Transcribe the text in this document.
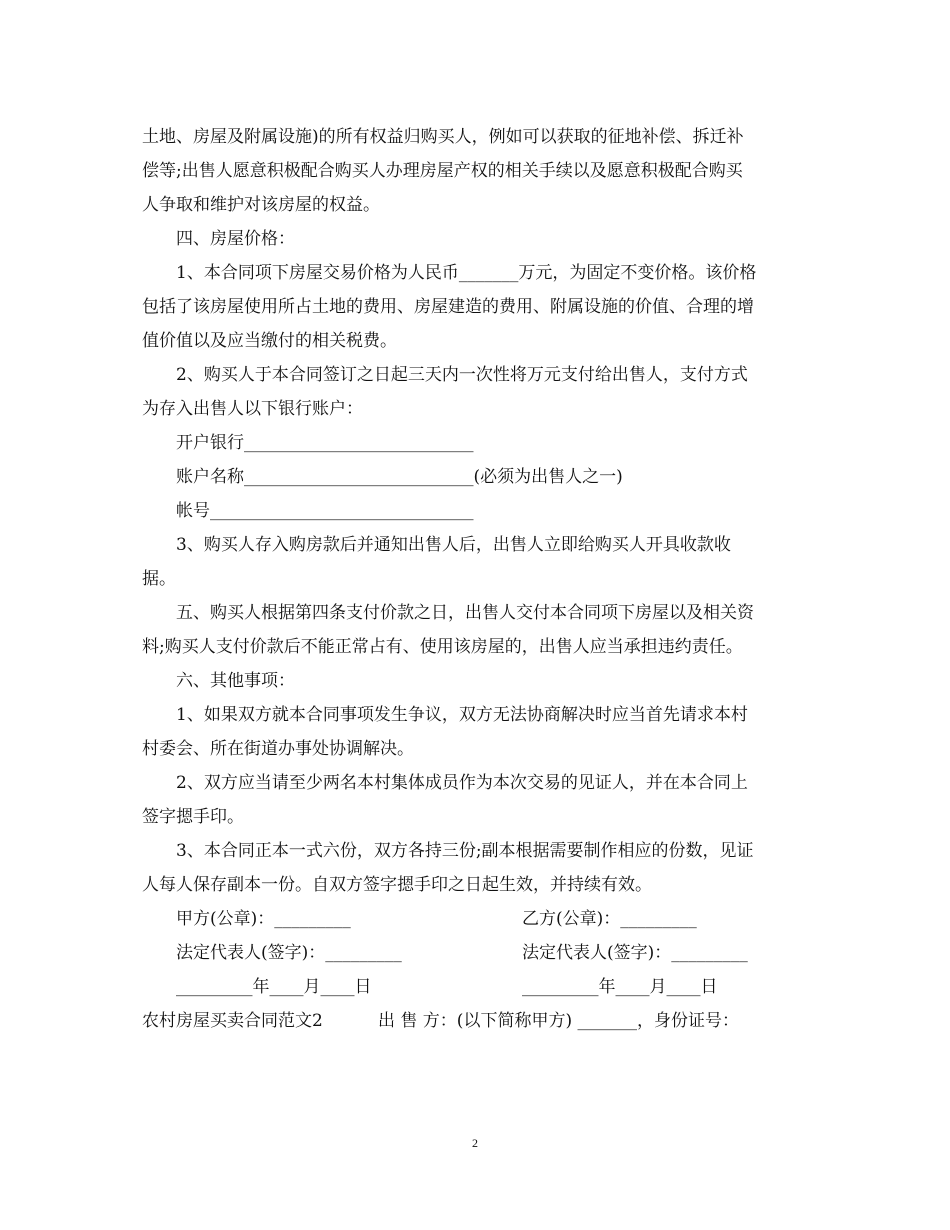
土地、房屋及附属设施)的所有权益归购买人，例如可以获取的征地补偿、拆迁补
偿等;出售人愿意积极配合购买人办理房屋产权的相关手续以及愿意积极配合购买
人争取和维护对该房屋的权益。
四、房屋价格：
1、本合同项下房屋交易价格为人民币_______万元，为固定不变价格。该价格
包括了该房屋使用所占土地的费用、房屋建造的费用、附属设施的价值、合理的增
值价值以及应当缴付的相关税费。
2、购买人于本合同签订之日起三天内一次性将万元支付给出售人，支付方式
为存入出售人以下银行账户：
开户银行___________________________
账户名称___________________________(必须为出售人之一)
帐号_______________________________
3、购买人存入购房款后并通知出售人后，出售人立即给购买人开具收款收
据。
五、购买人根据第四条支付价款之日，出售人交付本合同项下房屋以及相关资
料;购买人支付价款后不能正常占有、使用该房屋的，出售人应当承担违约责任。
六、其他事项：
1、如果双方就本合同事项发生争议，双方无法协商解决时应当首先请求本村
村委会、所在街道办事处协调解决。
2、双方应当请至少两名本村集体成员作为本次交易的见证人，并在本合同上
签字摁手印。
3、本合同正本一式六份，双方各持三份;副本根据需要制作相应的份数，见证
人每人保存副本一份。自双方签字摁手印之日起生效，并持续有效。
甲方(公章)：_________	乙方(公章)：_________
法定代表人(签字)：_________	法定代表人(签字)：_________
_________年____月____日	_________年____月____日
农村房屋买卖合同范文2	出 售 方：(以下简称甲方) _______，身份证号：
2
